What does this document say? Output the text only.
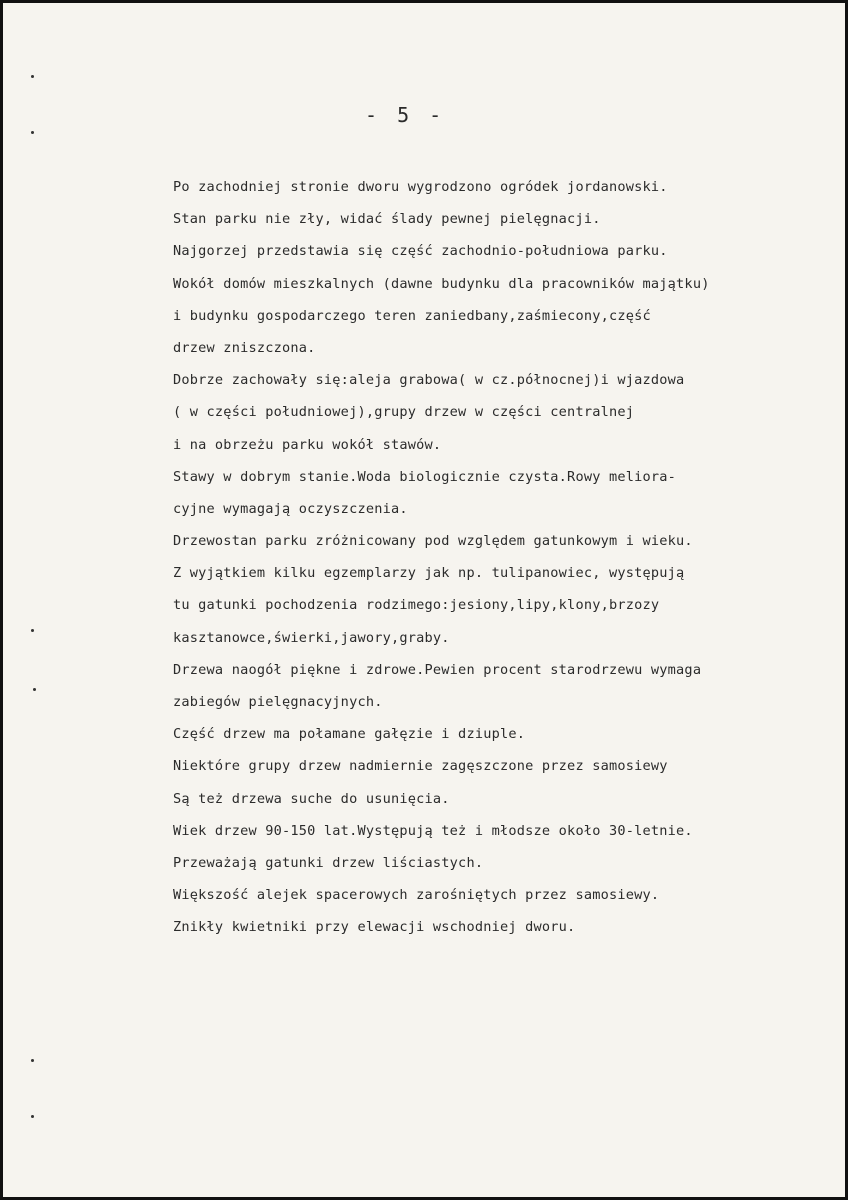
- 5 -
Po zachodniej stronie dworu wygrodzono ogródek jordanowski.
Stan parku nie zły, widać ślady pewnej pielęgnacji.
Najgorzej przedstawia się część zachodnio-południowa parku.
Wokół domów mieszkalnych (dawne budynku dla pracowników majątku)
i budynku gospodarczego teren zaniedbany,zaśmiecony,część
drzew zniszczona.
Dobrze zachowały się:aleja grabowa( w cz.północnej)i wjazdowa
( w części południowej),grupy drzew w części centralnej
i na obrzeżu parku wokół stawów.
Stawy w dobrym stanie.Woda biologicznie czysta.Rowy meliora-
cyjne wymagają oczyszczenia.
Drzewostan parku zróżnicowany pod względem gatunkowym i wieku.
Z wyjątkiem kilku egzemplarzy jak np. tulipanowiec, występują
tu gatunki pochodzenia rodzimego:jesiony,lipy,klony,brzozy
kasztanowce,świerki,jawory,graby.
Drzewa naogół piękne i zdrowe.Pewien procent starodrzewu wymaga
zabiegów pielęgnacyjnych.
Część drzew ma połamane gałęzie i dziuple.
Niektóre grupy drzew nadmiernie zagęszczone przez samosiewy
Są też drzewa suche do usunięcia.
Wiek drzew 90-150 lat.Występują też i młodsze około 30-letnie.
Przeważają gatunki drzew liściastych.
Większość alejek spacerowych zarośniętych przez samosiewy.
Znikły kwietniki przy elewacji wschodniej dworu.
